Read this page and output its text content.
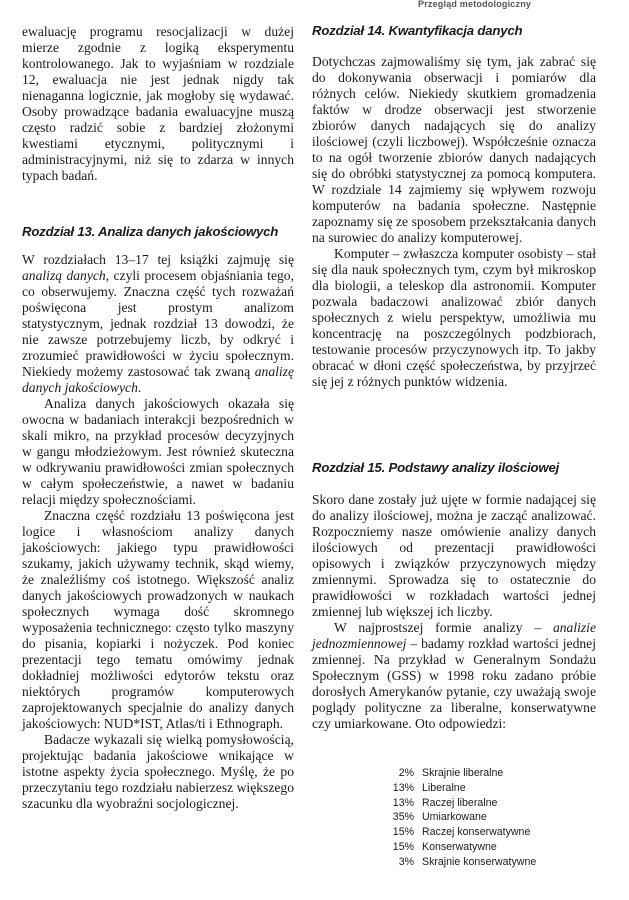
Przegląd metodologiczny

ewaluację programu resocjalizacji w dużej mierze zgodnie z logiką eksperymentu kontrolowanego. Jak to wyjaśniam w rozdziale 12, ewaluacja nie jest jednak nigdy tak nienaganna logicznie, jak mogłoby się wydawać. Osoby prowadzące badania ewaluacyjne muszą często radzić sobie z bardziej złożonymi kwestiami etycznymi, politycznymi i administracyjnymi, niż się to zdarza w innych typach badań.

Rozdział 13. Analiza danych jakościowych

W rozdziałach 13–17 tej książki zajmuję się analizą danych, czyli procesem objaśniania tego, co obserwujemy. Znaczna część tych rozważań poświęcona jest prostym analizom statystycznym, jednak rozdział 13 dowodzi, że nie zawsze potrzebujemy liczb, by odkryć i zrozumieć prawidłowości w życiu społecznym. Niekiedy możemy zastosować tak zwaną analizę danych jakościowych.

Analiza danych jakościowych okazała się owocna w badaniach interakcji bezpośrednich w skali mikro, na przykład procesów decyzyjnych w gangu młodzieżowym. Jest również skuteczna w odkrywaniu prawidłowości zmian społecznych w całym społeczeństwie, a nawet w badaniu relacji między społecznościami.

Znaczna część rozdziału 13 poświęcona jest logice i własnościom analizy danych jakościowych: jakiego typu prawidłowości szukamy, jakich używamy technik, skąd wiemy, że znaleźliśmy coś istotnego. Większość analiz danych jakościowych prowadzonych w naukach społecznych wymaga dość skromnego wyposażenia technicznego: często tylko maszyny do pisania, kopiarki i nożyczek. Pod koniec prezentacji tego tematu omówimy jednak dokładniej możliwości edytorów tekstu oraz niektórych programów komputerowych zaprojektowanych specjalnie do analizy danych jakościowych: NUD*IST, Atlas/ti i Ethnograph.

Badacze wykazali się wielką pomysłowością, projektując badania jakościowe wnikające w istotne aspekty życia społecznego. Myślę, że po przeczytaniu tego rozdziału nabierzesz większego szacunku dla wyobraźni socjologicznej.

Rozdział 14. Kwantyfikacja danych

Dotychczas zajmowaliśmy się tym, jak zabrać się do dokonywania obserwacji i pomiarów dla różnych celów. Niekiedy skutkiem gromadzenia faktów w drodze obserwacji jest stworzenie zbiorów danych nadających się do analizy ilościowej (czyli liczbowej). Współcześnie oznacza to na ogół tworzenie zbiorów danych nadających się do obróbki statystycznej za pomocą komputera. W rozdziale 14 zajmiemy się wpływem rozwoju komputerów na badania społeczne. Następnie zapoznamy się ze sposobem przekształcania danych na surowiec do analizy komputerowej.

Komputer – zwłaszcza komputer osobisty – stał się dla nauk społecznych tym, czym był mikroskop dla biologii, a teleskop dla astronomii. Komputer pozwala badaczowi analizować zbiór danych społecznych z wielu perspektyw, umożliwia mu koncentrację na poszczególnych podzbiorach, testowanie procesów przyczynowych itp. To jakby obracać w dłoni część społeczeństwa, by przyjrzeć się jej z różnych punktów widzenia.

Rozdział 15. Podstawy analizy ilościowej

Skoro dane zostały już ujęte w formie nadającej się do analizy ilościowej, można je zacząć analizować. Rozpoczniemy nasze omówienie analizy danych ilościowych od prezentacji prawidłowości opisowych i związków przyczynowych między zmiennymi. Sprowadza się to ostatecznie do prawidłowości w rozkładach wartości jednej zmiennej lub większej ich liczby.

W najprostszej formie analizy – analizie jednozmiennowej – badamy rozkład wartości jednej zmiennej. Na przykład w Generalnym Sondażu Społecznym (GSS) w 1998 roku zadano próbie dorosłych Amerykanów pytanie, czy uważają swoje poglądy polityczne za liberalne, konserwatywne czy umiarkowane. Oto odpowiedzi:

2% Skrajnie liberalne
13% Liberalne
13% Raczej liberalne
35% Umiarkowane
15% Raczej konserwatywne
15% Konserwatywne
3% Skrajnie konserwatywne
